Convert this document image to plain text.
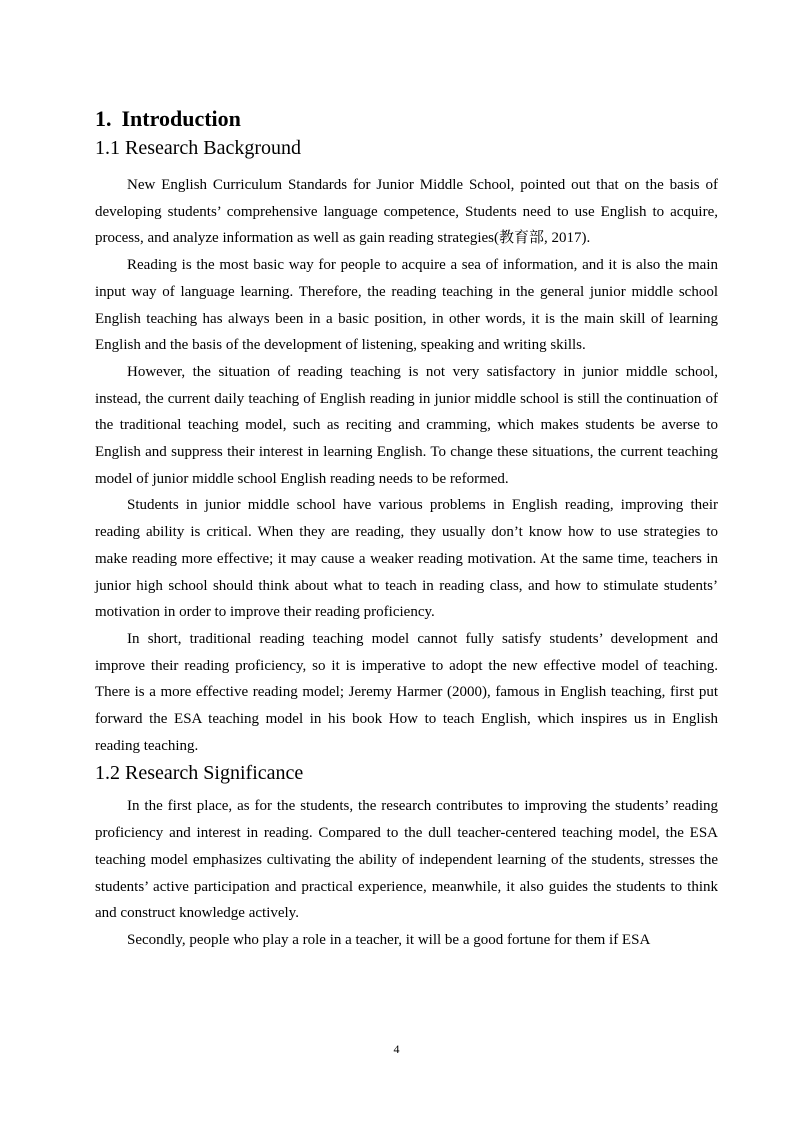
1. Introduction
1.1 Research Background

New English Curriculum Standards for Junior Middle School, pointed out that on the basis of developing students’ comprehensive language competence, Students need to use English to acquire, process, and analyze information as well as gain reading strategies(教育部, 2017).

Reading is the most basic way for people to acquire a sea of information, and it is also the main input way of language learning. Therefore, the reading teaching in the general junior middle school English teaching has always been in a basic position, in other words, it is the main skill of learning English and the basis of the development of listening, speaking and writing skills.

However, the situation of reading teaching is not very satisfactory in junior middle school, instead, the current daily teaching of English reading in junior middle school is still the continuation of the traditional teaching model, such as reciting and cramming, which makes students be averse to English and suppress their interest in learning English. To change these situations, the current teaching model of junior middle school English reading needs to be reformed.

Students in junior middle school have various problems in English reading, improving their reading ability is critical. When they are reading, they usually don’t know how to use strategies to make reading more effective; it may cause a weaker reading motivation. At the same time, teachers in junior high school should think about what to teach in reading class, and how to stimulate students’ motivation in order to improve their reading proficiency.

In short, traditional reading teaching model cannot fully satisfy students’ development and improve their reading proficiency, so it is imperative to adopt the new effective model of teaching. There is a more effective reading model; Jeremy Harmer (2000), famous in English teaching, first put forward the ESA teaching model in his book How to teach English, which inspires us in English reading teaching.

1.2 Research Significance

In the first place, as for the students, the research contributes to improving the students’ reading proficiency and interest in reading. Compared to the dull teacher-centered teaching model, the ESA teaching model emphasizes cultivating the ability of independent learning of the students, stresses the students’ active participation and practical experience, meanwhile, it also guides the students to think and construct knowledge actively.

Secondly, people who play a role in a teacher, it will be a good fortune for them if ESA

4
